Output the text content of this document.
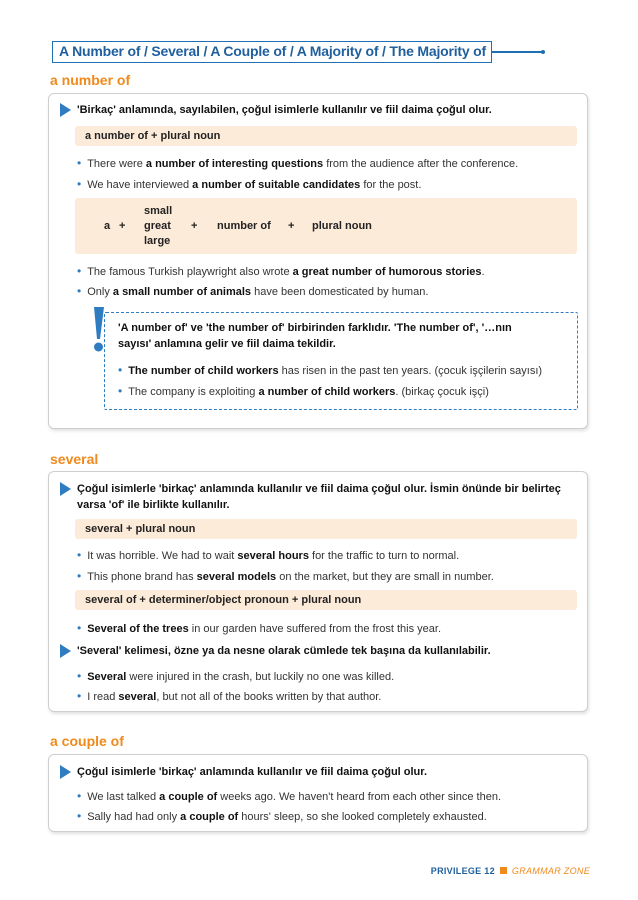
A Number of / Several / A Couple of / A Majority of / The Majority of
a number of
'Birkaç' anlamında, sayılabilen, çoğul isimlerle kullanılır ve fiil daima çoğul olur.
a number of + plural noun
• There were a number of interesting questions from the audience after the conference.
• We have interviewed a number of suitable candidates for the post.
a +
small
great
large
+ number of + plural noun
• The famous Turkish playwright also wrote a great number of humorous stories.
• Only a small number of animals have been domesticated by human.
'A number of' ve 'the number of' birbirinden farklıdır. 'The number of', '…nın
sayısı' anlamına gelir ve fiil daima tekildir.
• The number of child workers has risen in the past ten years. (çocuk işçilerin sayısı)
• The company is exploiting a number of child workers. (birkaç çocuk işçi)
several
Çoğul isimlerle 'birkaç' anlamında kullanılır ve fiil daima çoğul olur. İsmin önünde bir belirteç
varsa 'of' ile birlikte kullanılır.
several + plural noun
• It was horrible. We had to wait several hours for the traffic to turn to normal.
• This phone brand has several models on the market, but they are small in number.
several of + determiner/object pronoun + plural noun
• Several of the trees in our garden have suffered from the frost this year.
'Several' kelimesi, özne ya da nesne olarak cümlede tek başına da kullanılabilir.
• Several were injured in the crash, but luckily no one was killed.
• I read several, but not all of the books written by that author.
a couple of
Çoğul isimlerle 'birkaç' anlamında kullanılır ve fiil daima çoğul olur.
• We last talked a couple of weeks ago. We haven't heard from each other since then.
• Sally had had only a couple of hours' sleep, so she looked completely exhausted.
PRIVILEGE 12 GRAMMAR ZONE
